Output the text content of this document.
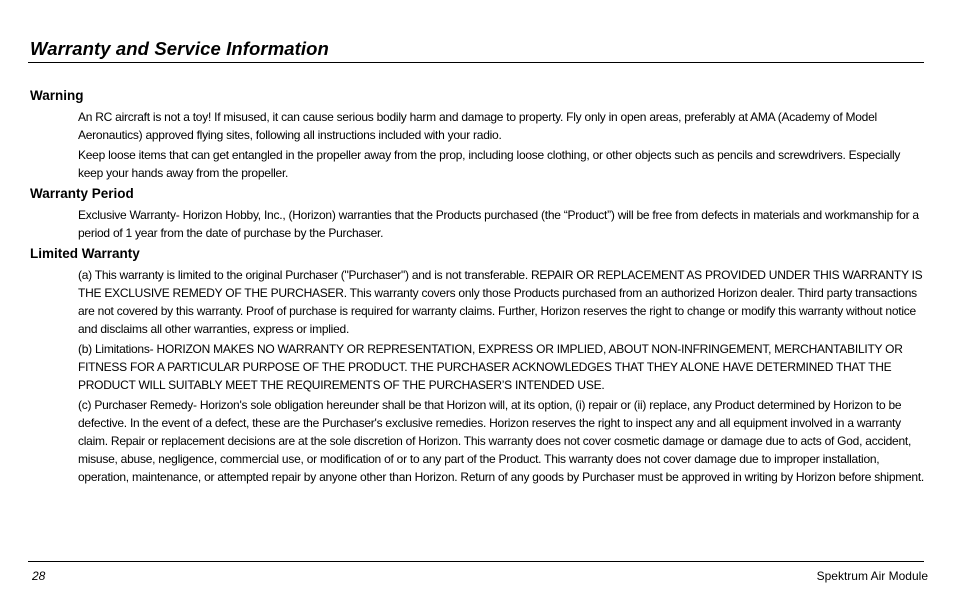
Warranty and Service Information
Warning

An RC aircraft is not a toy! If misused, it can cause serious bodily harm and damage to property. Fly only in open areas, preferably at AMA (Academy of Model Aeronautics) approved flying sites, following all instructions included with your radio.

Keep loose items that can get entangled in the propeller away from the prop, including loose clothing, or other objects such as pencils and screwdrivers. Especially keep your hands away from the propeller.

Warranty Period

Exclusive Warranty- Horizon Hobby, Inc., (Horizon) warranties that the Products purchased (the “Product”) will be free from defects in materials and workmanship for a period of 1 year from the date of purchase by the Purchaser.

Limited Warranty

(a) This warranty is limited to the original Purchaser ("Purchaser") and is not transferable. REPAIR OR REPLACEMENT AS PROVIDED UNDER THIS WARRANTY IS THE EXCLUSIVE REMEDY OF THE PURCHASER. This warranty covers only those Products purchased from an authorized Horizon dealer. Third party transactions are not covered by this warranty. Proof of purchase is required for warranty claims. Further, Horizon reserves the right to change or modify this warranty without notice and disclaims all other warranties, express or implied.

(b) Limitations- HORIZON MAKES NO WARRANTY OR REPRESENTATION, EXPRESS OR IMPLIED, ABOUT NON-INFRINGEMENT, MERCHANTABILITY OR FITNESS FOR A PARTICULAR PURPOSE OF THE PRODUCT. THE PURCHASER ACKNOWLEDGES THAT THEY ALONE HAVE DETERMINED THAT THE PRODUCT WILL SUITABLY MEET THE REQUIREMENTS OF THE PURCHASER’S INTENDED USE.

(c) Purchaser Remedy- Horizon's sole obligation hereunder shall be that Horizon will, at its option, (i) repair or (ii) replace, any Product determined by Horizon to be defective. In the event of a defect, these are the Purchaser's exclusive remedies. Horizon reserves the right to inspect any and all equipment involved in a warranty claim. Repair or replacement decisions are at the sole discretion of Horizon. This warranty does not cover cosmetic damage or damage due to acts of God, accident, misuse, abuse, negligence, commercial use, or modification of or to any part of the Product. This warranty does not cover damage due to improper installation, operation, maintenance, or attempted repair by anyone other than Horizon. Return of any goods by Purchaser must be approved in writing by Horizon before shipment.

28	Spektrum Air Module
